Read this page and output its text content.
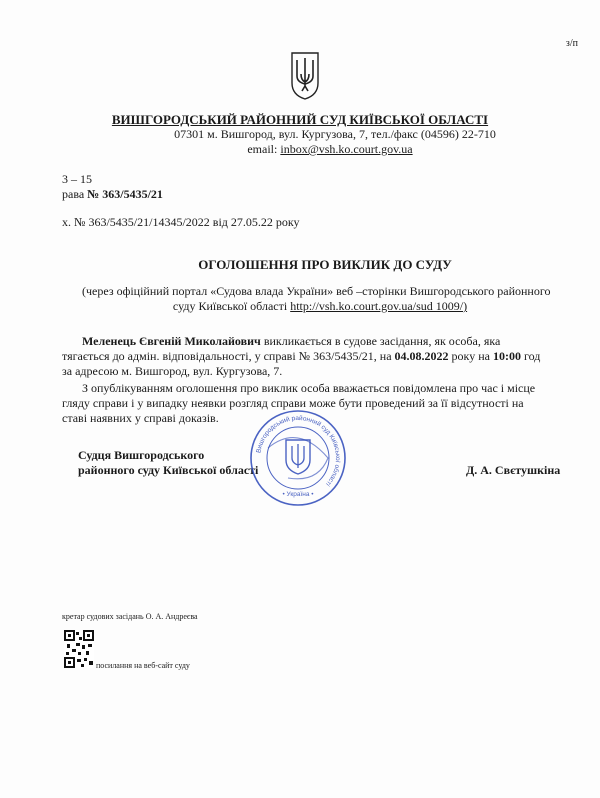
з/п
ВИШГОРОДСЬКИЙ РАЙОННИЙ СУД КИЇВСЬКОЇ ОБЛАСТІ
07301 м. Вишгород, вул. Кургузова, 7, тел./факс (04596) 22-710
email: inbox@vsh.ko.court.gov.ua
3 – 15
рава № 363/5435/21
x. № 363/5435/21/14345/2022 від 27.05.22 року
ОГОЛОШЕННЯ ПРО ВИКЛИК ДО СУДУ
(через офіційний портал «Судова влада України» веб –сторінки Вишгородського районного
суду Київської області http://vsh.ko.court.gov.ua/sud 1009/)
Меленець Євгеній Миколайович викликається в судове засідання, як особа, яка
тягається до адмін. відповідальності, у справі № 363/5435/21, на 04.08.2022 року на 10:00 год
за адресою м. Вишгород, вул. Кургузова, 7.
З опублікуванням оголошення про виклик особа вважається повідомлена про час і місце
гляду справи і у випадку неявки розгляд справи може бути проведений за її відсутності на
ставі наявних у справі доказів.
Судця Вишгородського
районного суду Київської області	Д. А. Свєтушкіна
Вишгородський районний суд Київської області
• Україна •
кретар судових засідань О. А. Андреєва
посилання на веб-сайт суду
